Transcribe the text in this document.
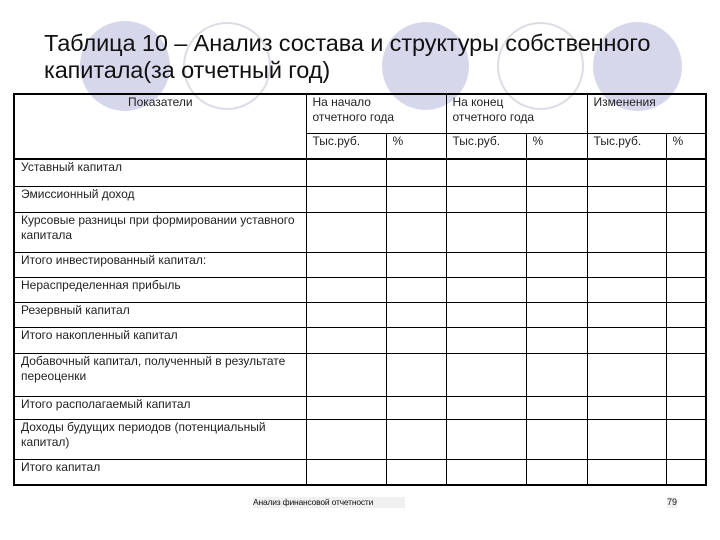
Таблица 10 – Анализ состава и структуры собственного капитала(за отчетный год)
Показатели	На начало отчетного года		На конец отчетного года		Изменения	
	Тыс.руб.	%	Тыс.руб.	%	Тыс.руб.	%
Уставный капитал						
Эмиссионный доход						
Курсовые разницы при формировании уставного капитала						
Итого инвестированный капитал:						
Нераспределенная прибыль						
Резервный капитал						
Итого накопленный капитал						
Добавочный капитал, полученный в результате переоценки						
Итого располагаемый капитал						
Доходы будущих периодов (потенциальный капитал)						
Итого капитал						
Анализ финансовой отчетности	79
